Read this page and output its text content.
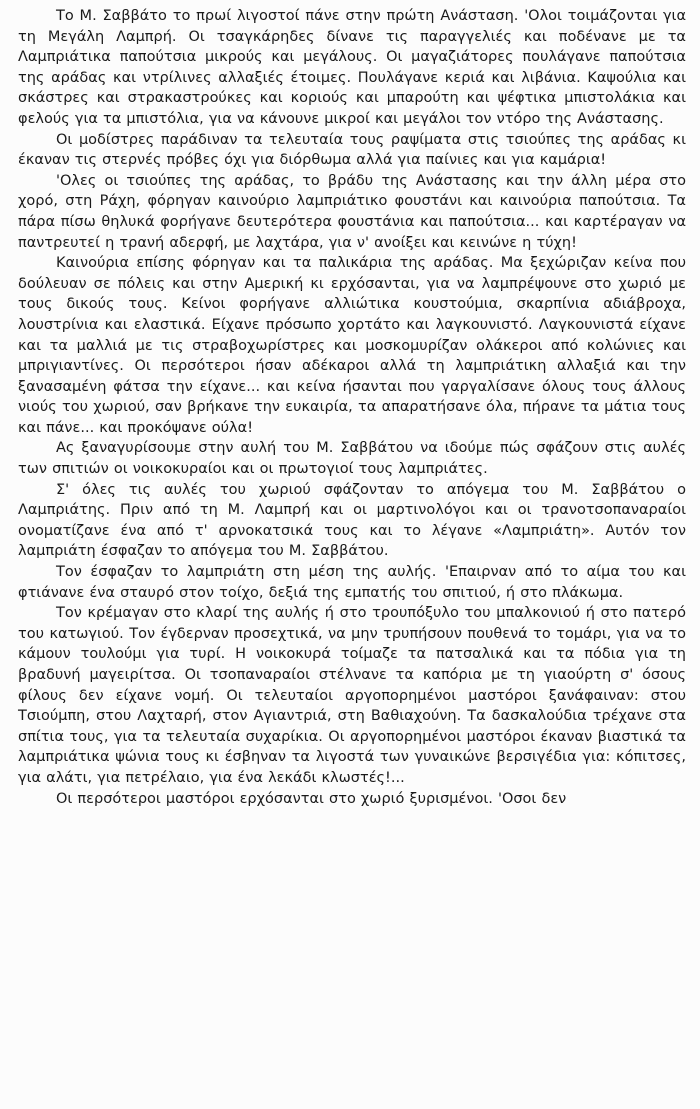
Το Μ. Σαββάτο το πρωί λιγοστοί πάνε στην πρώτη Ανάσταση. 'Ολοι τοιμάζονται για τη Μεγάλη Λαμπρή. Οι τσαγκάρηδες δίνανε τις παραγγελιές και ποδένανε με τα Λαμπριάτικα παπούτσια μικρούς και μεγάλους. Οι μαγαζιάτορες πουλάγανε παπούτσια της αράδας και ντρίλινες αλλαξιές έτοιμες. Πουλάγανε κεριά και λιβάνια. Καψούλια και σκάστρες και στρακαστρούκες και κοριούς και μπαρούτη και ψέφτικα μπιστολάκια και φελούς για τα μπιστόλια, για να κάνουνε μικροί και μεγάλοι τον ντόρο της Ανάστασης.

Οι μοδίστρες παράδιναν τα τελευταία τους ραψίματα στις τσιούπες της αράδας κι έκαναν τις στερνές πρόβες όχι για διόρθωμα αλλά για παίνιες και για καμάρια!

'Ολες οι τσιούπες της αράδας, το βράδυ της Ανάστασης και την άλλη μέρα στο χορό, στη Ράχη, φόρηγαν καινούριο λαμπριάτικο φουστάνι και καινούρια παπούτσια. Τα πάρα πίσω θηλυκά φορήγανε δευτερότερα φουστάνια και παπούτσια... και καρτέραγαν να παντρευτεί η τρανή αδερφή, με λαχτάρα, για ν' ανοίξει και κεινώνε η τύχη!

Καινούρια επίσης φόρηγαν και τα παλικάρια της αράδας. Μα ξεχώριζαν κείνα που δούλευαν σε πόλεις και στην Αμερική κι ερχόσανται, για να λαμπρέψουνε στο χωριό με τους δικούς τους. Κείνοι φορήγανε αλλιώτικα κουστούμια, σκαρπίνια αδιάβροχα, λουστρίνια και ελαστικά. Είχανε πρόσωπο χορτάτο και λαγκουνιστό. Λαγκουνιστά είχανε και τα μαλλιά με τις στραβοχωρίστρες και μοσκομυρίζαν ολάκερoι από κολώνιες και μπριγιαντίνες. Οι περσότεροι ήσαν αδέκαροι αλλά τη λαμπριάτικη αλλαξιά και την ξανασαμένη φάτσα την είχανε... και κείνα ήσανται που γαργαλίσανε όλους τους άλλους νιούς του χωριού, σαν βρήκανε την ευκαιρία, τα απαρατήσανε όλα, πήρανε τα μάτια τους και πάνε... και προκόψανε ούλα!

Ας ξαναγυρίσουμε στην αυλή του Μ. Σαββάτου να ιδούμε πώς σφάζουν στις αυλές των σπιτιών οι νοικοκυραίοι και οι πρωτογιοί τους λαμπριάτες.

Σ' όλες τις αυλές του χωριού σφάζονταν το απόγεμα του Μ. Σαββάτου ο Λαμπριάτης. Πριν από τη Μ. Λαμπρή και οι μαρτινολόγοι και οι τρανοτσοπαναραίοι ονοματίζανε ένα από τ' αρνοκατσικά τους και το λέγανε «Λαμπριάτη». Αυτόν τον λαμπριάτη έσφαζαν το απόγεμα του Μ. Σαββάτου.

Τον έσφαζαν το λαμπριάτη στη μέση της αυλής. 'Επαιρναν από το αίμα του και φτιάνανε ένα σταυρό στον τοίχο, δεξιά της εμπατής του σπιτιού, ή στο πλάκωμα.

Τον κρέμαγαν στο κλαρί της αυλής ή στο τρουπόξυλο του μπαλκονιού ή στο πατερό του κατωγιού. Τον έγδερναν προσεχτικά, να μην τρυπήσουν πουθενά το τομάρι, για να το κάμουν τουλούμι για τυρί. Η νοικοκυρά τοίμαζε τα πατσαλικά και τα πόδια για τη βραδυνή μαγειρίτσα. Οι τσοπαναραίοι στέλνανε τα καπόρια με τη γιαούρτη σ' όσους φίλους δεν είχανε νομή. Οι τελευταίοι αργοπορημένοι μαστόροι ξανάφαιναν: στου Τσιούμπη, στου Λαχταρή, στον Αγιαντριά, στη Βαθιαχούνη. Τα δασκαλούδια τρέχανε στα σπίτια τους, για τα τελευταία συχαρίκια. Οι αργοπορημένοι μαστόροι έκαναν βιαστικά τα λαμπριάτικα ψώνια τους κι έσβηναν τα λιγοστά των γυναικώνε βερσιγέδια για: κόπιτσες, για αλάτι, για πετρέλαιο, για ένα λεκάδι κλωστές!...

Οι περσότεροι μαστόροι ερχόσανται στο χωριό ξυρισμένοι. 'Οσοι δεν
